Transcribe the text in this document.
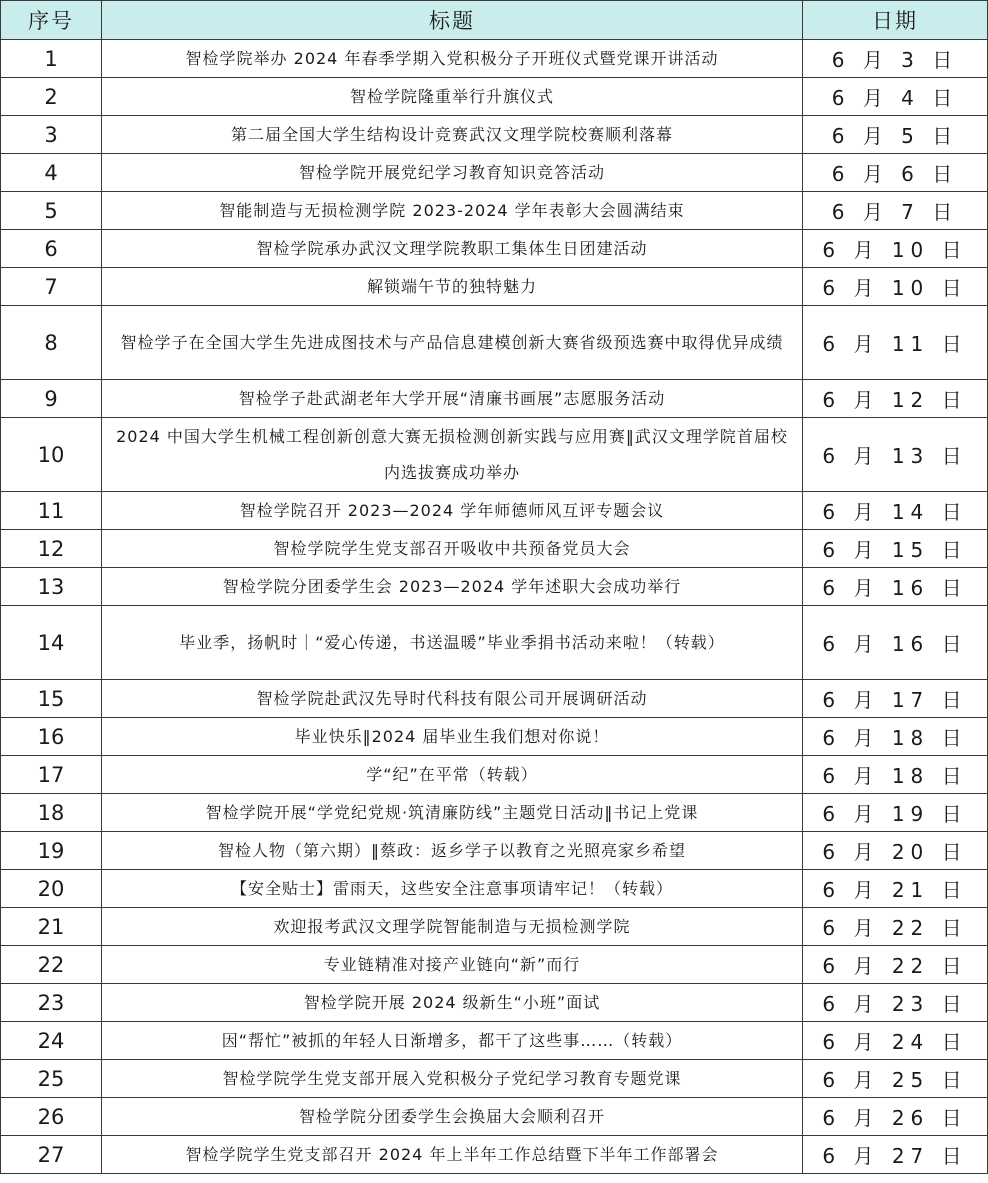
序号	标题	日期
1	智检学院举办 2024 年春季学期入党积极分子开班仪式暨党课开讲活动	6 月 3 日
2	智检学院隆重举行升旗仪式	6 月 4 日
3	第二届全国大学生结构设计竞赛武汉文理学院校赛顺利落幕	6 月 5 日
4	智检学院开展党纪学习教育知识竞答活动	6 月 6 日
5	智能制造与无损检测学院 2023-2024 学年表彰大会圆满结束	6 月 7 日
6	智检学院承办武汉文理学院教职工集体生日团建活动	6 月 10 日
7	解锁端午节的独特魅力	6 月 10 日
8	智检学子在全国大学生先进成图技术与产品信息建模创新大赛省级预选赛中取得优异成绩	6 月 11 日
9	智检学子赴武湖老年大学开展“清廉书画展”志愿服务活动	6 月 12 日
10	2024 中国大学生机械工程创新创意大赛无损检测创新实践与应用赛‖武汉文理学院首届校内选拔赛成功举办	6 月 13 日
11	智检学院召开 2023—2024 学年师德师风互评专题会议	6 月 14 日
12	智检学院学生党支部召开吸收中共预备党员大会	6 月 15 日
13	智检学院分团委学生会 2023—2024 学年述职大会成功举行	6 月 16 日
14	毕业季，扬帆时｜“爱心传递，书送温暖”毕业季捐书活动来啦！（转载）	6 月 16 日
15	智检学院赴武汉先导时代科技有限公司开展调研活动	6 月 17 日
16	毕业快乐‖2024 届毕业生我们想对你说！	6 月 18 日
17	学“纪”在平常（转载）	6 月 18 日
18	智检学院开展“学党纪党规·筑清廉防线”主题党日活动‖书记上党课	6 月 19 日
19	智检人物（第六期）‖蔡政：返乡学子以教育之光照亮家乡希望	6 月 20 日
20	【安全贴士】雷雨天，这些安全注意事项请牢记！（转载）	6 月 21 日
21	欢迎报考武汉文理学院智能制造与无损检测学院	6 月 22 日
22	专业链精准对接产业链向“新”而行	6 月 22 日
23	智检学院开展 2024 级新生“小班”面试	6 月 23 日
24	因“帮忙”被抓的年轻人日渐增多，都干了这些事……（转载）	6 月 24 日
25	智检学院学生党支部开展入党积极分子党纪学习教育专题党课	6 月 25 日
26	智检学院分团委学生会换届大会顺利召开	6 月 26 日
27	智检学院学生党支部召开 2024 年上半年工作总结暨下半年工作部署会	6 月 27 日
